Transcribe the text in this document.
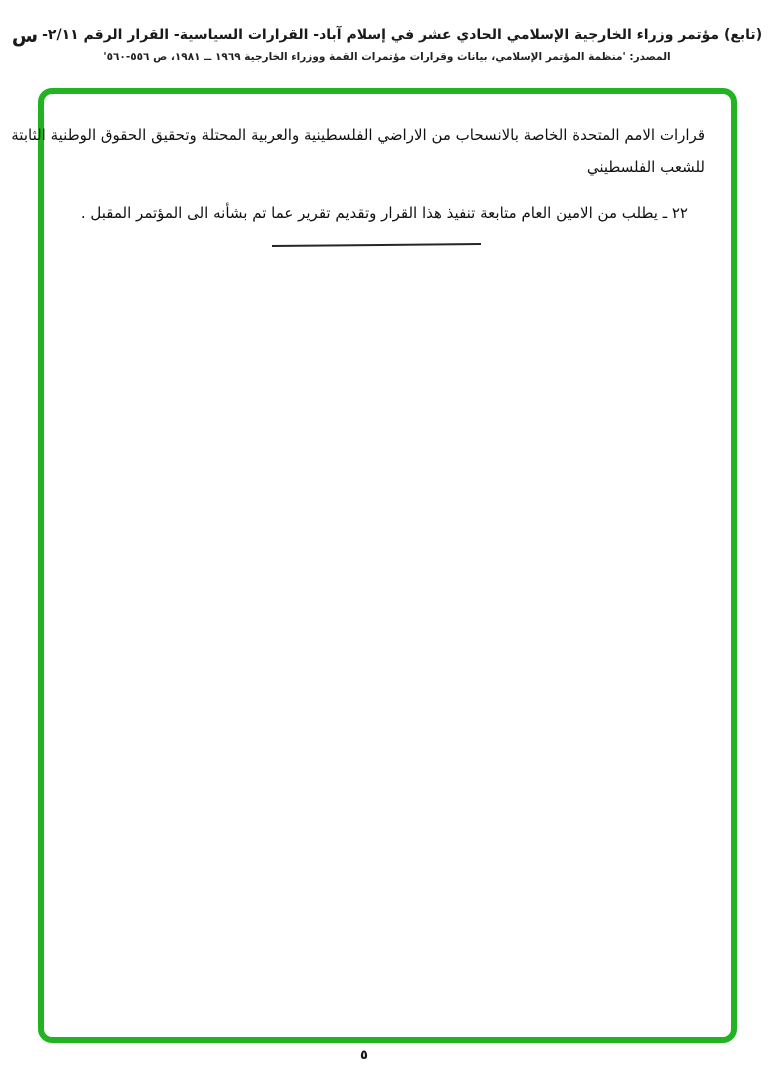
(تابع) مؤتمر وزراء الخارجية الإسلامي الحادي عشر في إسلام آباد- القرارات السياسية- القرار الرقم ٢/١١-س
المصدر: 'منظمة المؤتمر الإسلامي، بيانات وقرارات مؤتمرات القمة ووزراء الخارجية ١٩٦٩ ــ ١٩٨١، ص ٥٥٦-٥٦٠'
قرارات الامم المتحدة الخاصة بالانسحاب من الاراضي الفلسطينية والعربية المحتلة وتحقيق الحقوق الوطنية الثابتة
للشعب الفلسطيني
٢٢ ـ يطلب من الامين العام متابعة تنفيذ هذا القرار وتقديم تقرير عما تم بشأنه الى المؤتمر المقبل .
٥
